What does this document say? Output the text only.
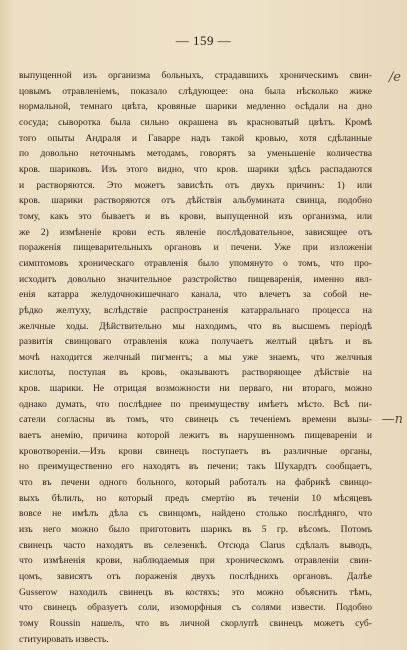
— 159 —
/e
—n
выпущенной изъ организма больныхъ, страдавшихъ хроническимъ свин-
цовымъ отравленіемъ, показало слѣдующее: она была нѣсколько жиже
нормальной, темнаго цвѣта, кровяные шарики медленно осѣдали на дно
сосуда; сыворотка была сильно окрашена въ красноватый цвѣтъ. Кромѣ
того опыты Андраля и Гаварре надъ такой кровью, хотя сдѣланные
по довольно неточнымъ методамъ, говорятъ за уменьшеніе количества
кров. шариковъ. Изъ этого видно, что кров. шарики здѣсь распадаются
и растворяются. Это можетъ зависѣть отъ двухъ причинъ: 1) или
кров. шарики растворяются отъ дѣйствія альбумината свинца, подобно
тому, какъ это бываетъ и въ крови, выпущенной изъ организма, или
же 2) измѣненіе крови есть явленіе послѣдовательное, зависящее отъ
пораженія пищеварительныхъ органовъ и печени. Уже при изложеніи
симптомовъ хроническаго отравленія было упомянуто о томъ, что про-
исходитъ довольно значительное разстройство пищеваренія, именно явл-
енія катарра желудочнокишечнаго канала, что влечетъ за собой не-
рѣдко желтуху, вслѣдствіе распространенія катарральнаго процесса на
желчные ходы. Дѣйствительно мы находимъ, что въ высшемъ періодѣ
развитія свинцоваго отравленія кожа получаетъ желтый цвѣтъ и въ
мочѣ находится желчный пигментъ; а мы уже знаемъ, что желчныя
кислоты, поступая въ кровь, оказываютъ растворяющее дѣйствіе на
кров. шарики. Не отрицая возможности ни перваго, ни втораго, можно
однако думать, что послѣднее по преимуществу имѣетъ мѣсто. Всѣ пи-
сатели согласны въ томъ, что свинецъ съ теченіемъ времени вызы-
ваетъ анемію, причина которой лежитъ въ нарушенномъ пищевареніи и
кровотвореніи.—Изъ крови свинецъ поступаетъ въ различные органы,
но преимущественно его находятъ въ печени; такъ Шухардтъ сообщаетъ,
что въ печени одного больного, который работалъ на фабрикѣ свинцо-
выхъ бѣлилъ, но который предъ смертію въ теченіи 10 мѣсяцевъ
вовсе не имѣлъ дѣла съ свинцомъ, найдено столько послѣдняго, что
изъ него можно было приготовить шарикъ въ 5 гр. вѣсомъ. Потомъ
свинецъ часто находятъ въ селезенкѣ. Отсюда Clarus сдѣлалъ выводъ,
что измѣненія крови, наблюдаемыя при хроническомъ отравленіи свин-
цомъ, зависятъ отъ пораженія двухъ послѣднихъ органовъ. Далѣе
Gusserow находилъ свинецъ въ костяхъ; это можно объяснить тѣмъ,
что свинецъ образуетъ соли, изоморфныя съ солями извести. Подобно
тому Roussin нашелъ, что въ личной скорлупѣ свинецъ можетъ суб-
ституировать известь.
